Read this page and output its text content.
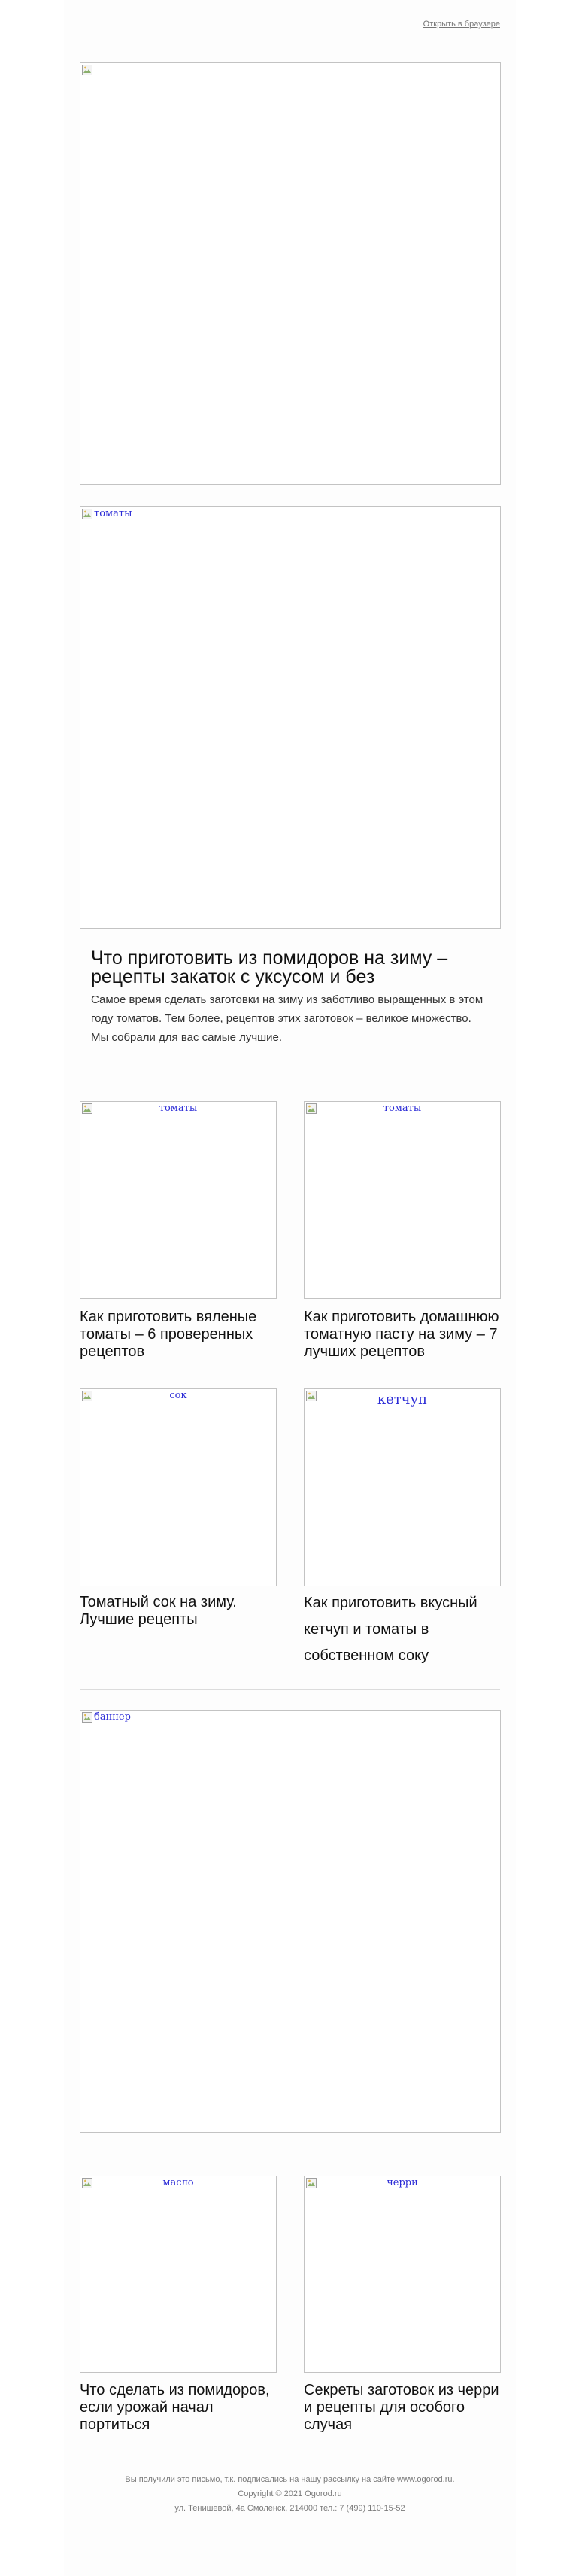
Открыть в браузере
томаты
Что приготовить из помидоров на зиму – рецепты закаток с уксусом и без

Самое время сделать заготовки на зиму из заботливо выращенных в этом году томатов. Тем более, рецептов этих заготовок – великое множество. Мы собрали для вас самые лучшие.

томаты
Как приготовить вяленые томаты – 6 проверенных рецептов
томаты
Как приготовить домашнюю томатную пасту на зиму – 7 лучших рецептов
сок
Томатный сок на зиму. Лучшие рецепты
кетчуп
Как приготовить вкусный кетчуп и томаты в собственном соку
баннер
масло
Что сделать из помидоров, если урожай начал портиться
черри
Секреты заготовок из черри и рецепты для особого случая
Вы получили это письмо, т.к. подписались на нашу рассылку на сайте www.ogorod.ru.
Copyright © 2021 Ogorod.ru
ул. Тенишевой, 4а Смоленск, 214000 тел.: 7 (499) 110-15-52
